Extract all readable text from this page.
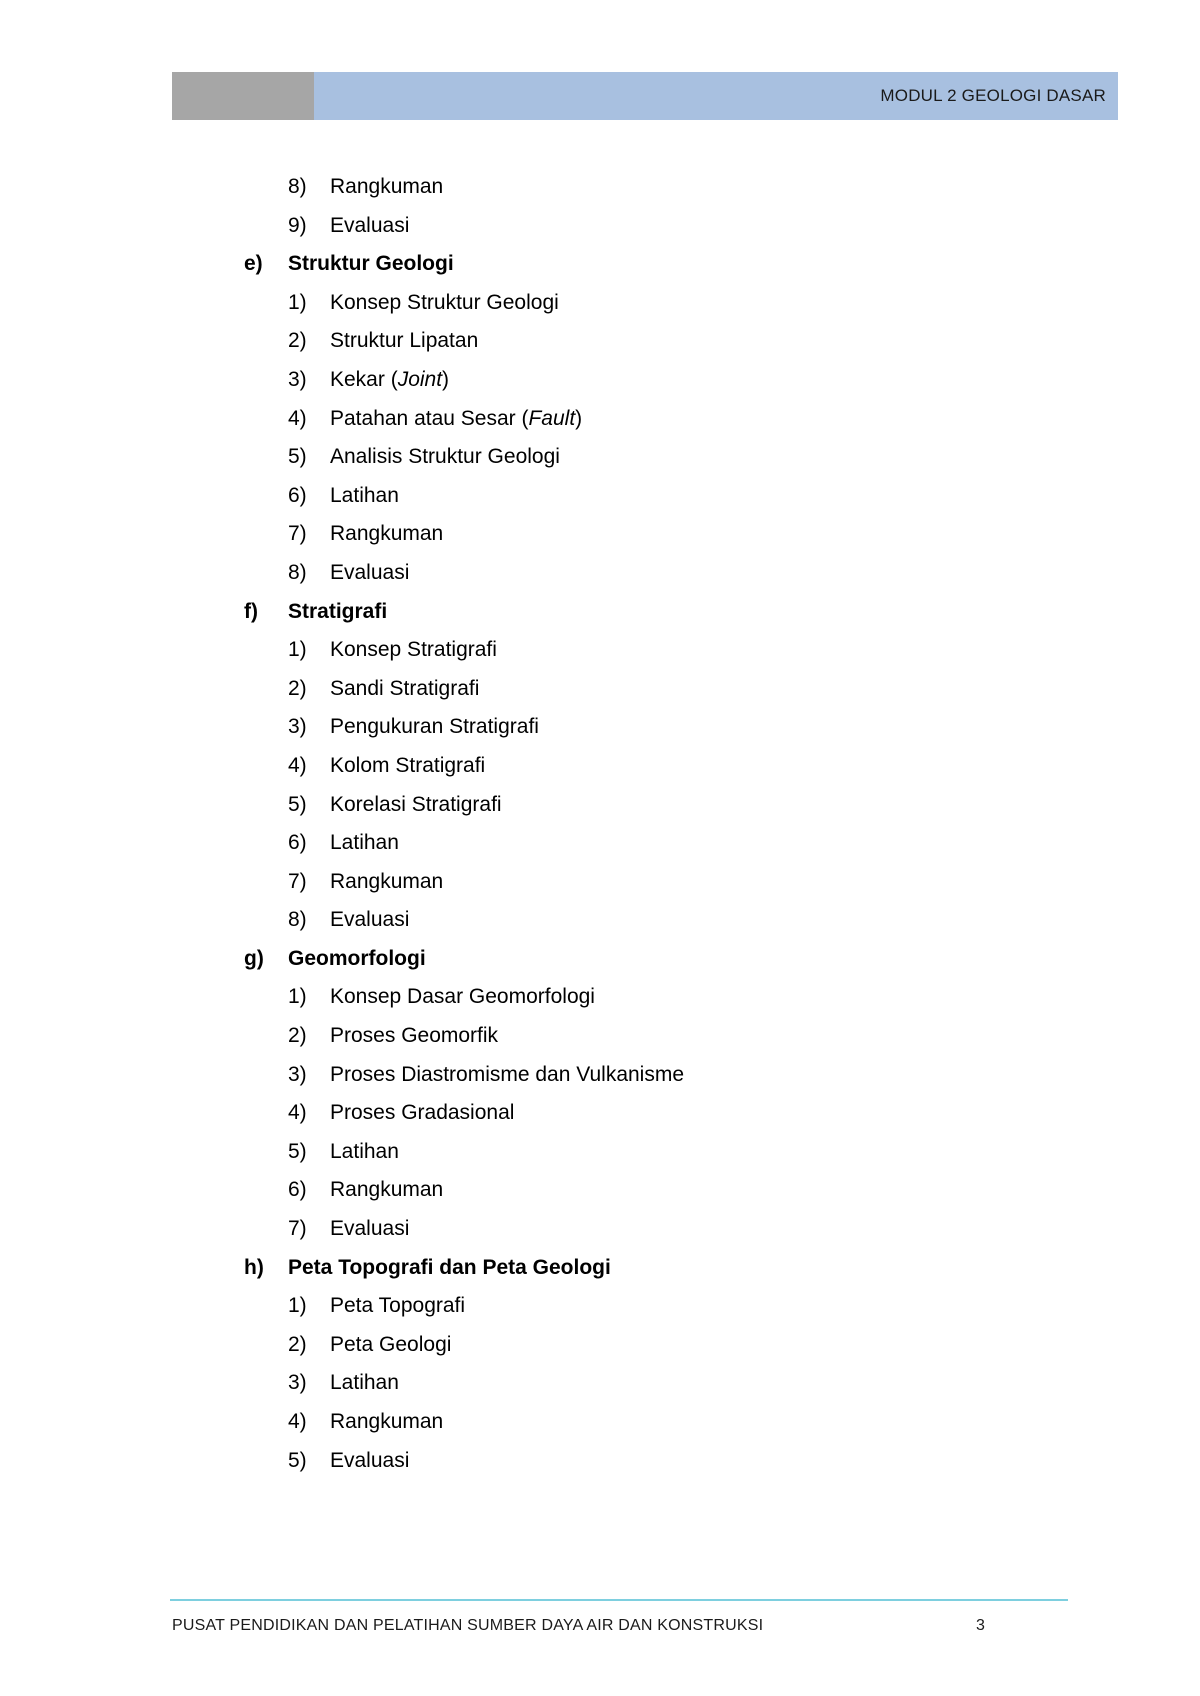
MODUL 2 GEOLOGI DASAR
8) Rangkuman
9) Evaluasi
e) Struktur Geologi
1) Konsep Struktur Geologi
2) Struktur Lipatan
3) Kekar (Joint)
4) Patahan atau Sesar (Fault)
5) Analisis Struktur Geologi
6) Latihan
7) Rangkuman
8) Evaluasi
f) Stratigrafi
1) Konsep Stratigrafi
2) Sandi Stratigrafi
3) Pengukuran Stratigrafi
4) Kolom Stratigrafi
5) Korelasi Stratigrafi
6) Latihan
7) Rangkuman
8) Evaluasi
g) Geomorfologi
1) Konsep Dasar Geomorfologi
2) Proses Geomorfik
3) Proses Diastromisme dan Vulkanisme
4) Proses Gradasional
5) Latihan
6) Rangkuman
7) Evaluasi
h) Peta Topografi dan Peta Geologi
1) Peta Topografi
2) Peta Geologi
3) Latihan
4) Rangkuman
5) Evaluasi
PUSAT PENDIDIKAN DAN PELATIHAN SUMBER DAYA AIR DAN KONSTRUKSI	3
